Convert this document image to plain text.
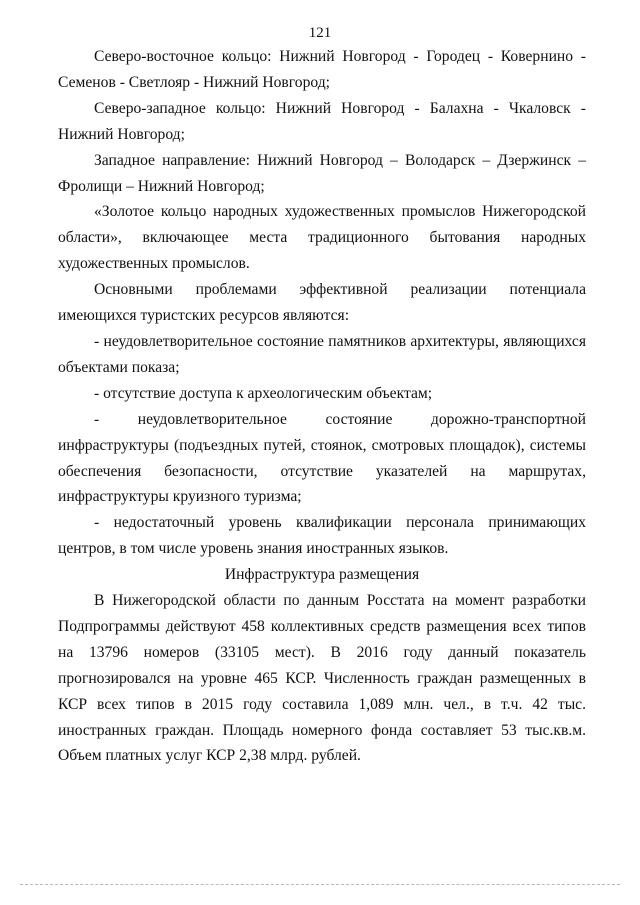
121

Северо-восточное кольцо: Нижний Новгород - Городец - Ковернино - Семенов - Светлояр - Нижний Новгород;

Северо-западное кольцо: Нижний Новгород - Балахна - Чкаловск - Нижний Новгород;

Западное направление: Нижний Новгород – Володарск – Дзержинск – Фролищи – Нижний Новгород;

«Золотое кольцо народных художественных промыслов Нижегородской области», включающее места традиционного бытования народных художественных промыслов.

Основными проблемами эффективной реализации потенциала имеющихся туристских ресурсов являются:

- неудовлетворительное состояние памятников архитектуры, являющихся объектами показа;

- отсутствие доступа к археологическим объектам;

- неудовлетворительное состояние дорожно-транспортной инфраструктуры (подъездных путей, стоянок, смотровых площадок), системы обеспечения безопасности, отсутствие указателей на маршрутах, инфраструктуры круизного туризма;

- недостаточный уровень квалификации персонала принимающих центров, в том числе уровень знания иностранных языков.

Инфраструктура размещения

В Нижегородской области по данным Росстата на момент разработки Подпрограммы действуют 458 коллективных средств размещения всех типов на 13796 номеров (33105 мест). В 2016 году данный показатель прогнозировался на уровне 465 КСР. Численность граждан размещенных в КСР всех типов в 2015 году составила 1,089 млн. чел., в т.ч. 42 тыс. иностранных граждан. Площадь номерного фонда составляет 53 тыс.кв.м. Объем платных услуг КСР 2,38 млрд. рублей.
